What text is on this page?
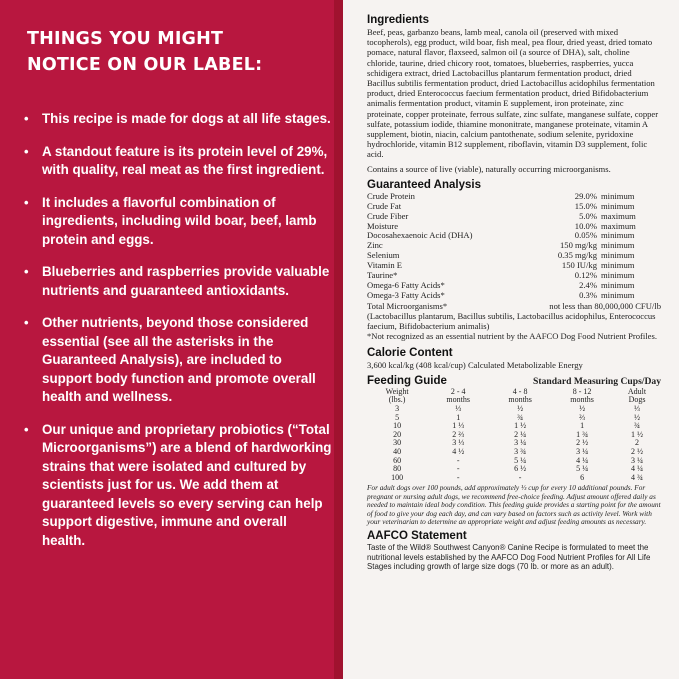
THINGS YOU MIGHT
NOTICE ON OUR LABEL:
• This recipe is made for dogs at all life stages.
• A standout feature is its protein level of 29%, with quality, real meat as the first ingredient.
• It includes a flavorful combination of ingredients, including wild boar, beef, lamb protein and eggs.
• Blueberries and raspberries provide valuable nutrients and guaranteed antioxidants.
• Other nutrients, beyond those considered essential (see all the asterisks in the Guaranteed Analysis), are included to support body function and promote overall health and wellness.
• Our unique and proprietary probiotics (“Total Microorganisms”) are a blend of hardworking strains that were isolated and cultured by scientists just for us. We add them at guaranteed levels so every serving can help support digestive, immune and overall health.
Ingredients
Beef, peas, garbanzo beans, lamb meal, canola oil (preserved with mixed tocopherols), egg product, wild boar, fish meal, pea flour, dried yeast, dried tomato pomace, natural flavor, flaxseed, salmon oil (a source of DHA), salt, choline chloride, taurine, dried chicory root, tomatoes, blueberries, raspberries, yucca schidigera extract, dried Lactobacillus plantarum fermentation product, dried Bacillus subtilis fermentation product, dried Lactobacillus acidophilus fermentation product, dried Enterococcus faecium fermentation product, dried Bifidobacterium animalis fermentation product, vitamin E supplement, iron proteinate, zinc proteinate, copper proteinate, ferrous sulfate, zinc sulfate, manganese sulfate, copper sulfate, potassium iodide, thiamine mononitrate, manganese proteinate, vitamin A supplement, biotin, niacin, calcium pantothenate, sodium selenite, pyridoxine hydrochloride, vitamin B12 supplement, riboflavin, vitamin D3 supplement, folic acid.
Contains a source of live (viable), naturally occurring microorganisms.
Guaranteed Analysis
Crude Protein	29.0%	minimum
Crude Fat	15.0%	minimum
Crude Fiber	5.0%	maximum
Moisture	10.0%	maximum
Docosahexaenoic Acid (DHA)	0.05%	minimum
Zinc	150 mg/kg	minimum
Selenium	0.35 mg/kg	minimum
Vitamin E	150 IU/kg	minimum
Taurine*	0.12%	minimum
Omega-6 Fatty Acids*	2.4%	minimum
Omega-3 Fatty Acids*	0.3%	minimum
Total Microorganisms*	not less than 80,000,000 CFU/lb
(Lactobacillus plantarum, Bacillus subtilis, Lactobacillus acidophilus, Enterococcus faecium, Bifidobacterium animalis)
*Not recognized as an essential nutrient by the AAFCO Dog Food Nutrient Profiles.
Calorie Content
3,600 kcal/kg (408 kcal/cup) Calculated Metabolizable Energy
Feeding Guide	Standard Measuring Cups/Day
Weight	2 - 4	4 - 8	8 - 12	Adult
(lbs.)	months	months	months	Dogs
3	⅓	½	½	⅓
5	1	¾	⅔	½
10	1 ⅓	1 ½	1	¾
20	2 ⅔	2 ¼	1 ¾	1 ½
30	3 ⅓	3 ¼	2 ½	2
40	4 ½	3 ¾	3 ¼	2 ½
60	-	5 ¼	4 ¼	3 ¼
80	-	6 ½	5 ¼	4 ¼
100	-	-	6	4 ¾
For adult dogs over 100 pounds, add approximately ⅓ cup for every 10 additional pounds. For pregnant or nursing adult dogs, we recommend free-choice feeding. Adjust amount offered daily as needed to maintain ideal body condition. This feeding guide provides a starting point for the amount of food to give your dog each day, and can vary based on factors such as activity level. Work with your veterinarian to determine an appropriate weight and adjust feeding amounts as necessary.
AAFCO Statement
Taste of the Wild® Southwest Canyon® Canine Recipe is formulated to meet the nutritional levels established by the AAFCO Dog Food Nutrient Profiles for All Life Stages including growth of large size dogs (70 lb. or more as an adult).
